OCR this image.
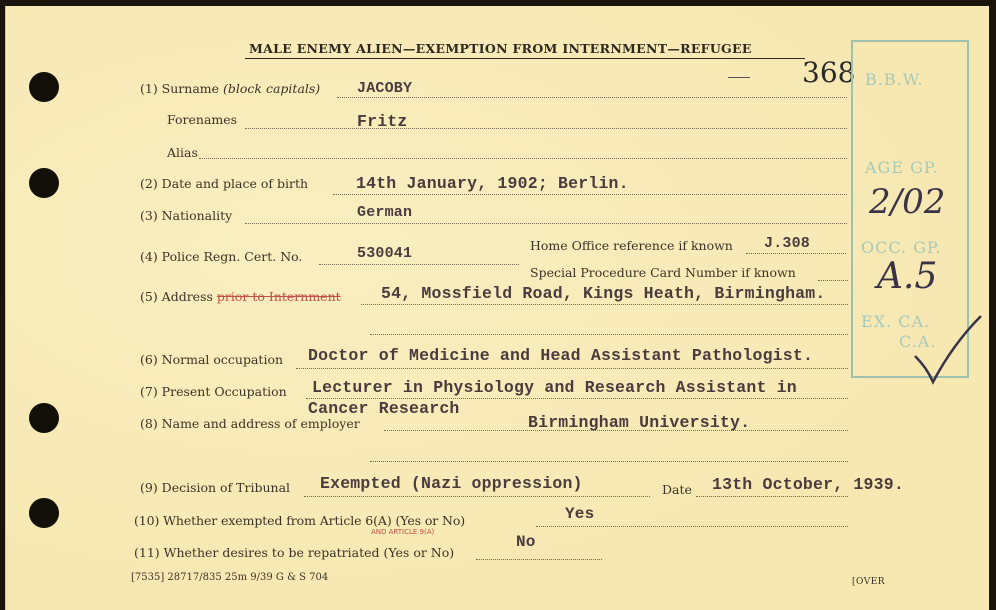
MALE ENEMY ALIEN—EXEMPTION FROM INTERNMENT—REFUGEE
368 B.B.W.
AGE GP.
2/02
OCC. GP.
A.5
EX. CA.
C.A.
(1) Surname (block capitals) JACOBY
Forenames	Fritz
Alias
(2) Date and place of birth	14th January, 1902; Berlin.
(3) Nationality	German
(4) Police Regn. Cert. No.	530041	Home Office reference if known J.308
Special Procedure Card Number if known
(5) Address prior to Internment 54, Mossfield Road, Kings Heath, Birmingham.
(6) Normal occupation Doctor of Medicine and Head Assistant Pathologist.
(7) Present Occupation Lecturer in Physiology and Research Assistant in
Cancer Research
(8) Name and address of employer	Birmingham University.
(9) Decision of Tribunal Exempted (Nazi oppression)	Date 13th October, 1939.
(10) Whether exempted from Article 6(A) (Yes or No)	Yes
AND ARTICLE 9(A)
(11) Whether desires to be repatriated (Yes or No)
No
[7535] 28717/835 25m 9/39 G & S 704	[OVER
